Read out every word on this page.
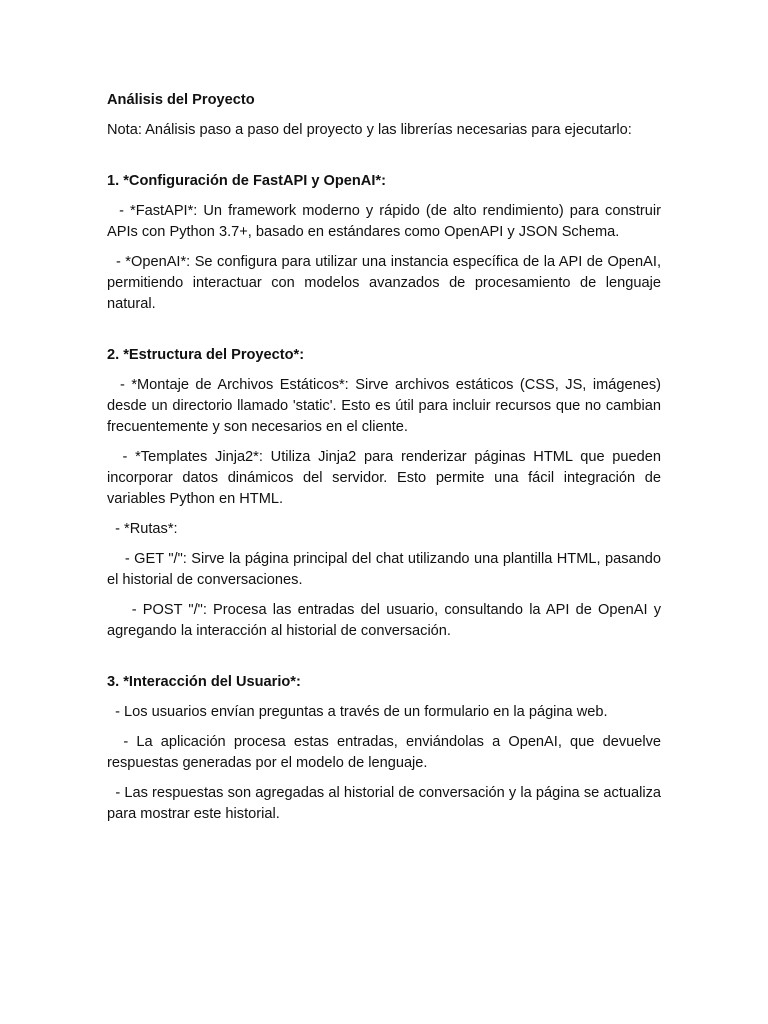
Análisis del Proyecto
Nota: Análisis paso a paso del proyecto y las librerías necesarias para ejecutarlo:
1. *Configuración de FastAPI y OpenAI*:
- *FastAPI*: Un framework moderno y rápido (de alto rendimiento) para construir APIs con Python 3.7+, basado en estándares como OpenAPI y JSON Schema.
- *OpenAI*: Se configura para utilizar una instancia específica de la API de OpenAI, permitiendo interactuar con modelos avanzados de procesamiento de lenguaje natural.
2. *Estructura del Proyecto*:
- *Montaje de Archivos Estáticos*: Sirve archivos estáticos (CSS, JS, imágenes) desde un directorio llamado 'static'. Esto es útil para incluir recursos que no cambian frecuentemente y son necesarios en el cliente.
- *Templates Jinja2*: Utiliza Jinja2 para renderizar páginas HTML que pueden incorporar datos dinámicos del servidor. Esto permite una fácil integración de variables Python en HTML.
- *Rutas*:
- GET "/": Sirve la página principal del chat utilizando una plantilla HTML, pasando el historial de conversaciones.
- POST "/": Procesa las entradas del usuario, consultando la API de OpenAI y agregando la interacción al historial de conversación.
3. *Interacción del Usuario*:
- Los usuarios envían preguntas a través de un formulario en la página web.
- La aplicación procesa estas entradas, enviándolas a OpenAI, que devuelve respuestas generadas por el modelo de lenguaje.
- Las respuestas son agregadas al historial de conversación y la página se actualiza para mostrar este historial.
